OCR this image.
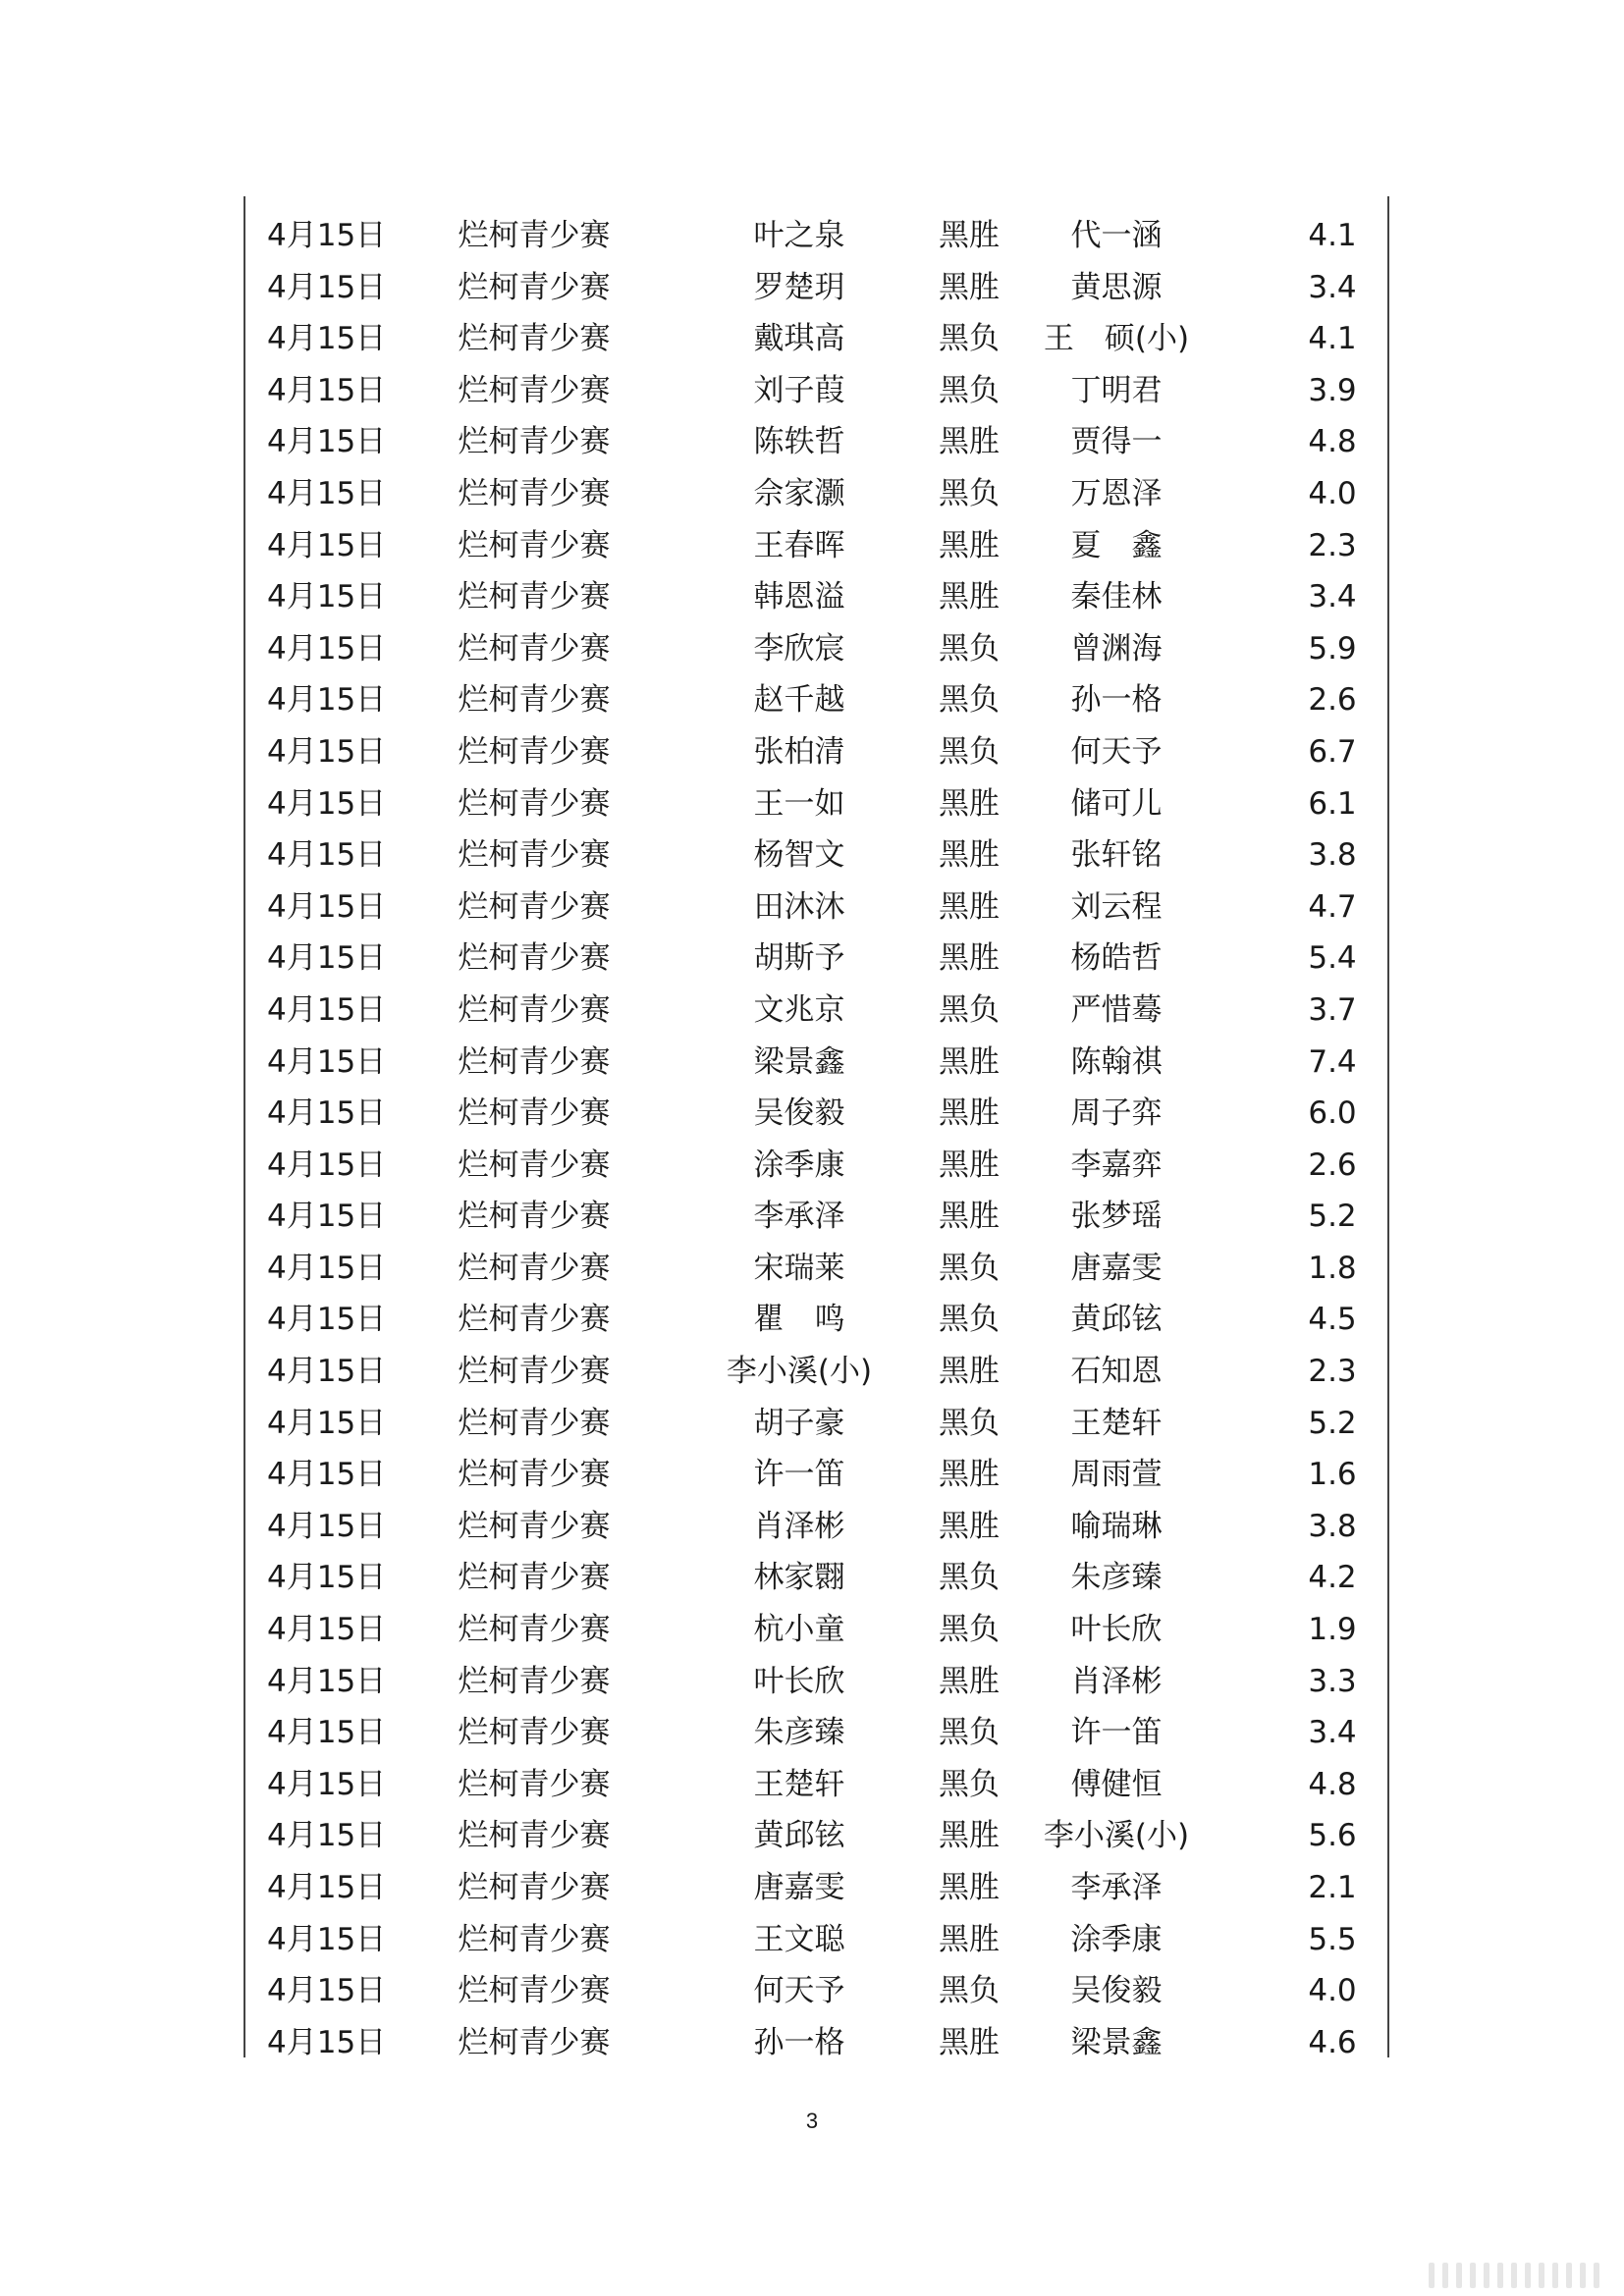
4月15日	烂柯青少赛	叶之泉	黑胜	代一涵	4.1
4月15日	烂柯青少赛	罗楚玥	黑胜	黄思源	3.4
4月15日	烂柯青少赛	戴琪高	黑负	王　硕(小)	4.1
4月15日	烂柯青少赛	刘子葭	黑负	丁明君	3.9
4月15日	烂柯青少赛	陈轶哲	黑胜	贾得一	4.8
4月15日	烂柯青少赛	佘家灏	黑负	万恩泽	4.0
4月15日	烂柯青少赛	王春晖	黑胜	夏　鑫	2.3
4月15日	烂柯青少赛	韩恩溢	黑胜	秦佳林	3.4
4月15日	烂柯青少赛	李欣宸	黑负	曾渊海	5.9
4月15日	烂柯青少赛	赵千越	黑负	孙一格	2.6
4月15日	烂柯青少赛	张柏清	黑负	何天予	6.7
4月15日	烂柯青少赛	王一如	黑胜	储可儿	6.1
4月15日	烂柯青少赛	杨智文	黑胜	张轩铭	3.8
4月15日	烂柯青少赛	田沐沐	黑胜	刘云程	4.7
4月15日	烂柯青少赛	胡斯予	黑胜	杨皓哲	5.4
4月15日	烂柯青少赛	文兆京	黑负	严惜蓦	3.7
4月15日	烂柯青少赛	梁景鑫	黑胜	陈翰祺	7.4
4月15日	烂柯青少赛	吴俊毅	黑胜	周子弈	6.0
4月15日	烂柯青少赛	涂季康	黑胜	李嘉弈	2.6
4月15日	烂柯青少赛	李承泽	黑胜	张梦瑶	5.2
4月15日	烂柯青少赛	宋瑞莱	黑负	唐嘉雯	1.8
4月15日	烂柯青少赛	瞿　鸣	黑负	黄邱铉	4.5
4月15日	烂柯青少赛	李小溪(小)	黑胜	石知恩	2.3
4月15日	烂柯青少赛	胡子豪	黑负	王楚轩	5.2
4月15日	烂柯青少赛	许一笛	黑胜	周雨萱	1.6
4月15日	烂柯青少赛	肖泽彬	黑胜	喻瑞琳	3.8
4月15日	烂柯青少赛	林家翾	黑负	朱彦臻	4.2
4月15日	烂柯青少赛	杭小童	黑负	叶长欣	1.9
4月15日	烂柯青少赛	叶长欣	黑胜	肖泽彬	3.3
4月15日	烂柯青少赛	朱彦臻	黑负	许一笛	3.4
4月15日	烂柯青少赛	王楚轩	黑负	傅健恒	4.8
4月15日	烂柯青少赛	黄邱铉	黑胜	李小溪(小)	5.6
4月15日	烂柯青少赛	唐嘉雯	黑胜	李承泽	2.1
4月15日	烂柯青少赛	王文聪	黑胜	涂季康	5.5
4月15日	烂柯青少赛	何天予	黑负	吴俊毅	4.0
4月15日	烂柯青少赛	孙一格	黑胜	梁景鑫	4.6
3
